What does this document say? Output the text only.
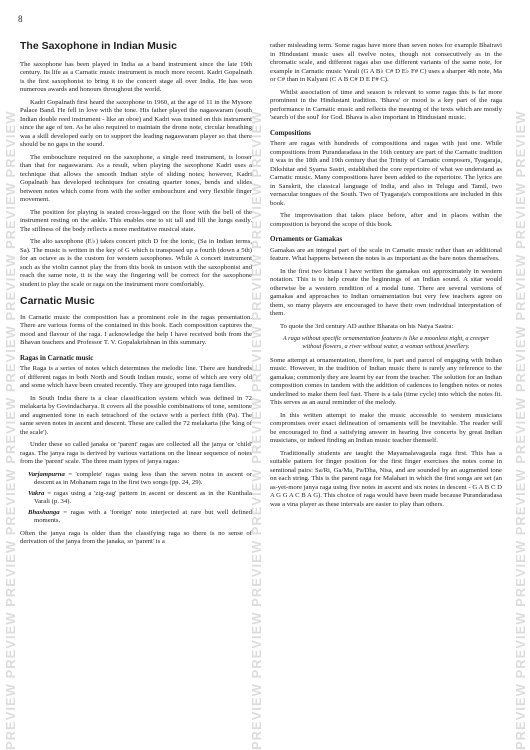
8
The Saxophone in Indian Music

The saxophone has been played in India as a band instrument since the late 19th century. Its life as a Carnatic music instrument is much more recent. Kadri Gopalnath is the first saxophonist to bring it to the concert stage all over India. He has won numerous awards and honours throughout the world.

Kadri Gopalnath first heard the saxophone in 1960, at the age of 11 in the Mysore Palace Band. He fell in love with the tone. His father played the nagaswaram (south Indian double reed instrument - like an oboe) and Kadri was trained on this instrument since the age of ten. As he also required to maintain the drone note, circular breathing was a skill developed early on to support the leading nagaswaram player so that there should be no gaps in the sound.

The embouchure required on the saxophone, a single reed instrument, is looser than that for nagaswaram. As a result, when playing the saxophone Kadri uses a technique that allows the smooth Indian style of sliding notes; however, Kadri Gopalnath has developed techniques for creating quarter tones, bends and slides between notes which come from with the softer embouchure and very flexible finger movement.

The position for playing is seated cross-legged on the floor with the bell of the instrument resting on the ankle. This enables one to sit tall and fill the lungs easily. The stillness of the body reflects a more meditative musical state.

The alto saxophone (E♭) takes concert pitch D for the tonic, (Sa in Indian terms, Sa). The music is written in the key of G which is transposed up a fourth (down a 5th) for an octave as is the custom for western saxophones. While A concert instrument such as the violin cannot play the from this book in unison with the saxophonist and reach the same note, it is the way the fingering will be correct for the saxophone student to play the scale or raga on the instrument more comfortably.

Carnatic Music

In Carnatic music the composition has a prominent role in the ragas presentation. There are various forms of the contained in this book. Each composition captures the mood and flavour of the raga. I acknowledge the help I have received both from the Bhavan teachers and Professor T. V. Gopalakrishnan in this summary.

Ragas in Carnatic music

The Raga is a series of notes which determines the melodic line. There are hundreds of different ragas in both North and South Indian music, some of which are very old and some which have been created recently. They are grouped into raga families.

In South India there is a clear classification system which was defined in 72 melakarta by Govindacharya. It covers all the possible combinations of tone, semitone and augmented tone in each tetrachord of the octave with a perfect fifth (Pa). The same seven notes in ascent and descent. These are called the 72 melakarta (the 'king of the scale').

Under these so called janaka or 'parent' ragas are collected all the janya or 'child' ragas. The janya raga is derived by various variations on the linear sequence of notes from the 'parent' scale. The three main types of janya ragas:

Varjampurna = 'complete' ragas using less than the seven notes in ascent or descent as in Mohanam raga in the first two songs (pp. 24, 29).
Vakra = ragas using a 'zig-zag' pattern in ascent or descent as in the Kunthala Varali (p. 34).
Bhashanga = ragas with a 'foreign' note interjected at rare but well defined moments.

Often the janya raga is older than the classifying raga so there is no sense of derivation of the janya from the janaka, so 'parent' is a

rather misleading term. Some ragas have more than seven notes for example Bhairavi in Hindustani music uses all twelve notes, though not consecutively as in the chromatic scale, and different ragas also use different variants of the same note, for example in Carnatic music Varali (G A B♭ C# D E♭ F# C) uses a sharper 4th note, Ma or C# than in Kalyani (C A B C# D E F# C).

Whilst association of time and season is relevant to some ragas this is far more prominent in the Hindustani tradition. 'Bhava' or mood is a key part of the raga performance in Carnatic music and reflects the meaning of the texts which are mostly 'search of the soul' for God. Bhava is also important in Hindustani music.

Compositions

There are ragas with hundreds of compositions and ragas with just one. While compositions from Purandaradasa in the 16th century are part of the Carnatic tradition it was in the 18th and 19th century that the Trinity of Carnatic composers, Tyagaraja, Dikshitar and Syama Sastri, established the core repertoire of what we understand as Carnatic music. Many compositions have been added to the repertoire. The lyrics are in Sanskrit, the classical language of India, and also in Telugu and Tamil, two vernacular tongues of the South. Two of Tyagaraja's compositions are included in this book.

The improvisation that takes place before, after and in places within the composition is beyond the scope of this book.

Ornaments or Gamakas

Gamakas are an integral part of the scale in Carnatic music rather than an additional feature. What happens between the notes is as important as the bare notes themselves.

In the first two kirtana I have written the gamakas out approximately in western notation. This is to help create the beginnings of an Indian sound. A sitar would otherwise be a western rendition of a modal tune. There are several versions of gamakas and approaches to Indian ornamentation but very few teachers agree on them, so many players are encouraged to have their own individual interpretation of them.

To quote the 3rd century AD author Bharata on his Natya Sastra:

A raga without specific ornamentation features is like a moonless night, a creeper without flowers, a river without water, a woman without jewellery.

Some attempt at ornamentation, therefore, is part and parcel of engaging with Indian music. However, in the tradition of Indian music there is rarely any reference to the gamakas; commonly they are learnt by ear from the teacher. The solution for an Indian composition comes in tandem with the addition of cadences to lengthen notes or notes underlined to make them feel fast. There is a tala (time cycle) into which the notes fit. This serves as an aural reminder of the melody.

In this written attempt to make the music accessible to western musicians compromises over exact delineation of ornaments will be inevitable. The reader will be encouraged to find a satisfying answer in hearing live concerts by great Indian musicians, or indeed finding an Indian music teacher themself.

Traditionally students are taught the Mayamalavagaula raga first. This has a suitable pattern for finger position for the first finger exercises the notes come in semitonal pairs: Sa/Ri, Ga/Ma, Pa/Dha, Nisa, and are sounded by an augmented tone on each string. This is the parent raga for Malahari in which the first songs are set (an as-yet-more janya raga using five notes in ascent and six notes in descent - G A B C D A G G A C B A G). This choice of raga would have been made because Purandaradasa was a vina player as these intervals are easier to play than others.

PREVIEW PREVIEW PREVIEW PREVIEW PREVIEW PREVIEW PREVIEW PREVIEW PREVIEW	PREVIEW PREVIEW PREVIEW PREVIEW PREVIEW PREVIEW PREVIEW PREVIEW PREVIEW	PREVIEW PREVIEW PREVIEW PREVIEW PREVIEW PREVIEW PREVIEW PREVIEW PREVIEW
